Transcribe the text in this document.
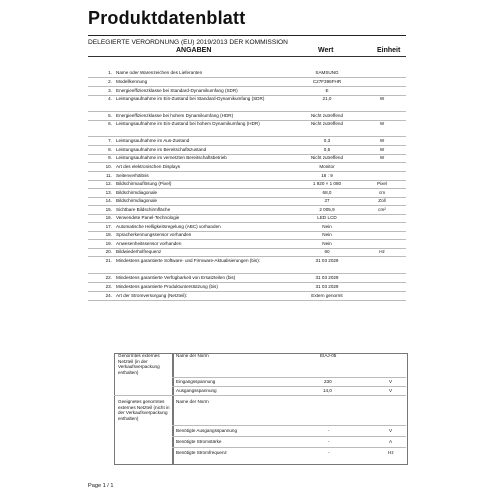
Produktdatenblatt
DELEGIERTE VERORDNUNG (EU) 2019/2013 DER KOMMISSION
ANGABEN	Wert	Einheit
1. Name oder Warenzeichen des Lieferanten	SAMSUNG
2. Modellkennung	C27F396FHR
3. Energieeffizienzklasse bei Standard-Dynamikumfang (SDR)	E
4. Leistungsaufnahme im Ein-Zustand bei Standard-Dynamikumfang (SDR)	21,0	W
5. Energieeffizienzklasse bei hohem Dynamikumfang (HDR)	Nicht zutreffend
6. Leistungsaufnahme im Ein-Zustand bei hohem Dynamikumfang (HDR)	Nicht zutreffend	W
7. Leistungsaufnahme im Aus-Zustand	0,3	W
8. Leistungsaufnahme im Bereitschaftszustand	0,5	W
9. Leistungsaufnahme im vernetzten Bereitschaftsbetrieb	Nicht zutreffend	W
10. Art des elektronischen Displays	Monitor
11. Seitenverhältnis	16 : 9
12. Bildschirmauflösung (Pixel)	1 920 × 1 080	Pixel
13. Bildschirmdiagonale	68,0	cm
14. Bildschirmdiagonale	27	Zoll
15. Sichtbare Bildschirmfläche	2 005,9	cm²
16. Verwendete Panel-Technologie	LED LCD
17. Automatische Helligkeitsregelung (ABC) vorhanden	Nein
18. Spracherkennungssensor vorhanden	Nein
19. Anwesenheitssensor vorhanden	Nein
20. Bildwiederholfrequenz	60	Hz
21. Mindestens garantierte Software- und Firmware-Aktualisierungen (bis):	31 03 2029
22. Mindestens garantierte Verfügbarkeit von Ersatzteilen (bis)	31 03 2029
23. Mindestens garantierte Produktunterstützung (bis)	31 03 2029
24. Art der Stromversorgung (Netzteil):	Extern genormt
Genormtes externes Netzteil (in der Verkaufsverpackung enthalten)
Name der Norm	EIAJ-05
Eingangsspannung	230	V
Ausgangsspannung	14,0	V
Geeignetes genormtes externes Netzteil (nicht in der Verkaufsverpackung enthalten)
Name der Norm
Benötigte Ausgangsspannung	-	V
Benötigte Stromstärke	-	A
Benötigte Stromfrequenz	-	Hz
Page 1 / 1
